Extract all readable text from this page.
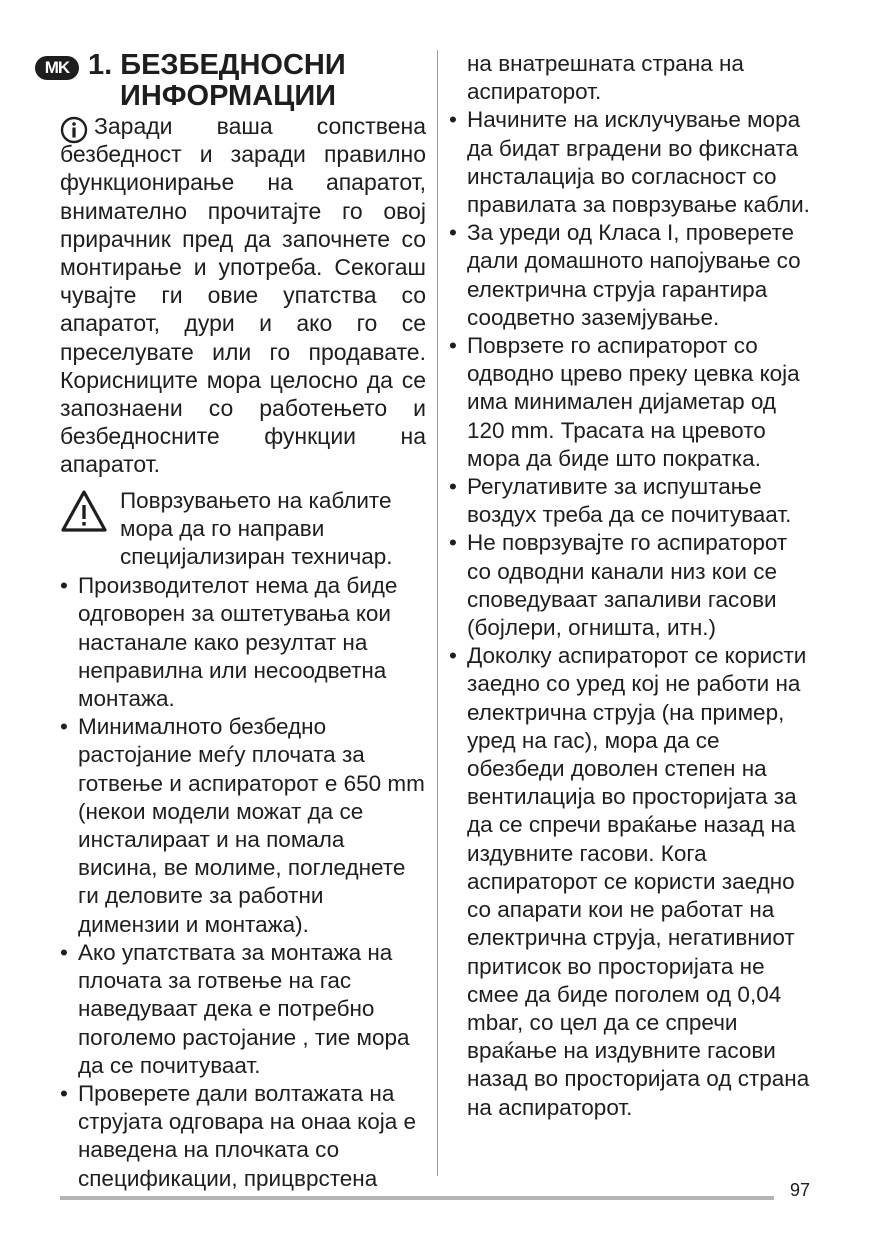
MK 1. БЕЗБЕДНОСНИ
ИНФОРМАЦИИ

Заради ваша сопствена безбедност и заради правилно функционирање на апаратот, внимателно прочитајте го овој прирачник пред да започнете со монтирање и употреба. Секогаш чувајте ги овие упатства со апаратот, дури и ако го се преселувате или го продавате. Корисниците мора целосно да се запознаени со работењето и безбедносните функции на апаратот.

Поврзувањето на каблите мора да го направи специјализиран техничар.
• Производителот нема да биде одговорен за оштетувања кои настанале како резултат на неправилна или несоодветна монтажа.
• Минималното безбедно растојание меѓу плочата за готвење и аспираторот е 650 mm (некои модели можат да се инсталираат и на помала висина, ве молиме, погледнете ги деловите за работни димензии и монтажа).
• Ако упатствата за монтажа на плочата за готвење на гас наведуваат дека е потребно поголемо растојание , тие мора да се почитуваат.
• Проверете дали волтажата на струјата одговара на онаа која е наведена на плочката со спецификации, прицврстена

на внатрешната страна на аспираторот.

• Начините на исклучување мора да бидат вградени во фиксната инсталација во согласност со правилата за поврзување кабли.
• За уреди од Класа I, проверете дали домашното напојување со електрична струја гарантира соодветно заземјување.
• Поврзете го аспираторот со одводно црево преку цевка која има минимален дијаметар од 120 mm. Трасата на цревото мора да биде што пократка.
• Регулативите за испуштање воздух треба да се почитуваат.
• Не поврзувајте го аспираторот со одводни канали низ кои се споведуваат запаливи гасови (бојлери, огништа, итн.)
• Доколку аспираторот се користи заедно со уред кој не работи на електрична струја (на пример, уред на гас), мора да се обезбеди доволен степен на вентилација во просторијата за да се спречи враќање назад на издувните гасови. Кога аспираторот се користи заедно со апарати кои не работат на електрична струја, негативниот притисок во просторијата не смее да биде поголем од 0,04 mbar, со цел да се спречи враќање на издувните гасови назад во просторијата од страна на аспираторот.
97
